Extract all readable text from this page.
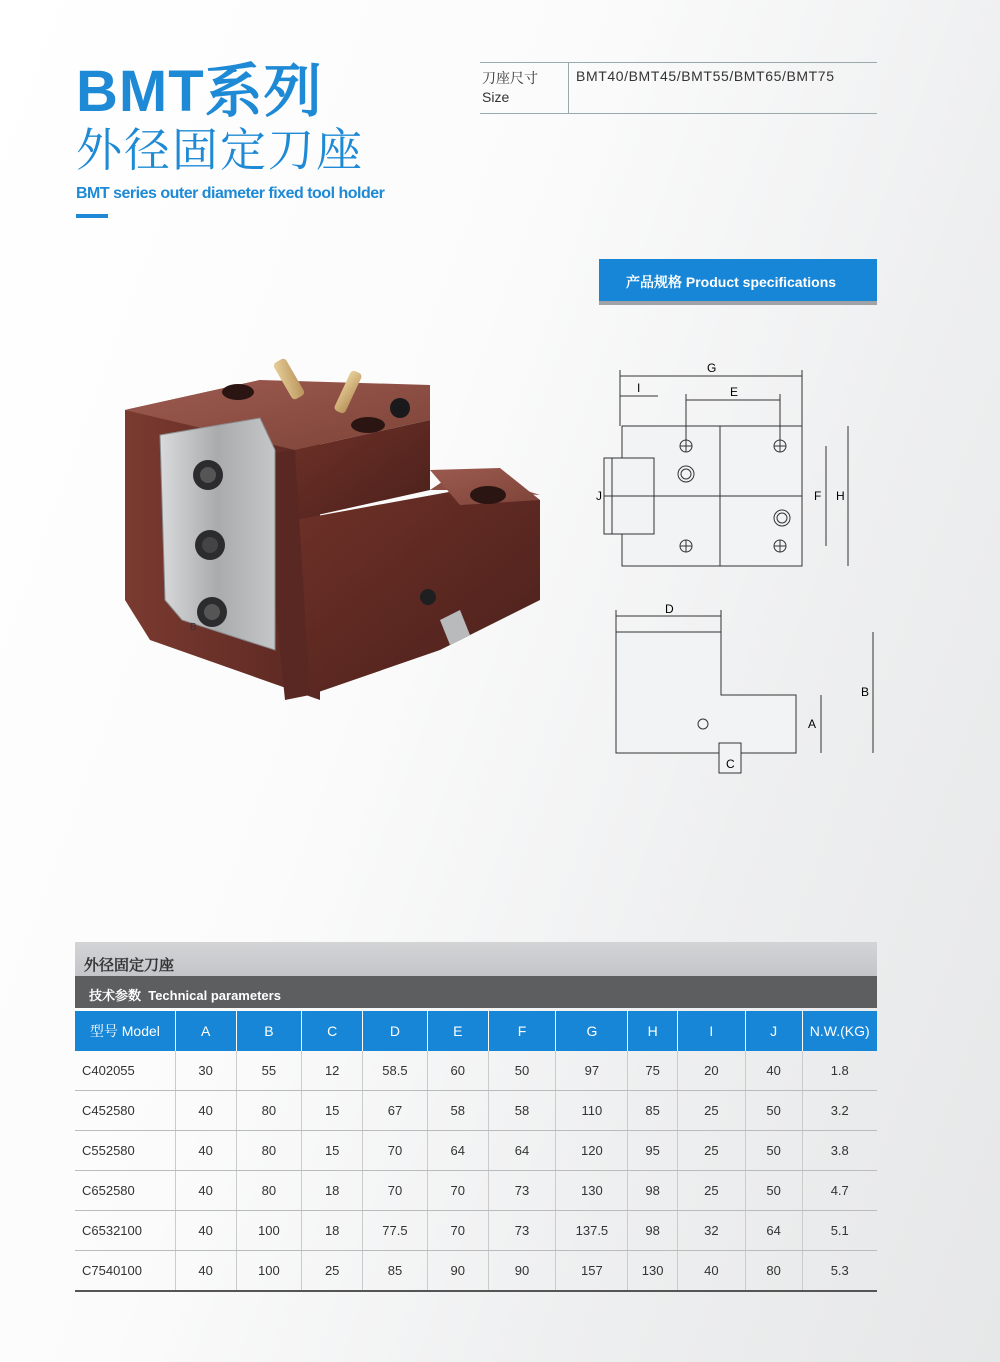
BMT系列
外径固定刀座
BMT series outer diameter fixed tool holder
刀座尺寸
Size
BMT40/BMT45/BMT55/BMT65/BMT75
产品规格 Product specifications
B
G
I	E
J	F H
D
A
B
C
外径固定刀座
技术参数  Technical parameters
型号 Model	A	B	C	D	E	F	G	H	I	J	N.W.(KG)
C402055	30	55	12	58.5	60	50	97	75	20	40	1.8
C452580	40	80	15	67	58	58	110	85	25	50	3.2
C552580	40	80	15	70	64	64	120	95	25	50	3.8
C652580	40	80	18	70	70	73	130	98	25	50	4.7
C6532100	40	100	18	77.5	70	73	137.5	98	32	64	5.1
C7540100	40	100	25	85	90	90	157	130	40	80	5.3
